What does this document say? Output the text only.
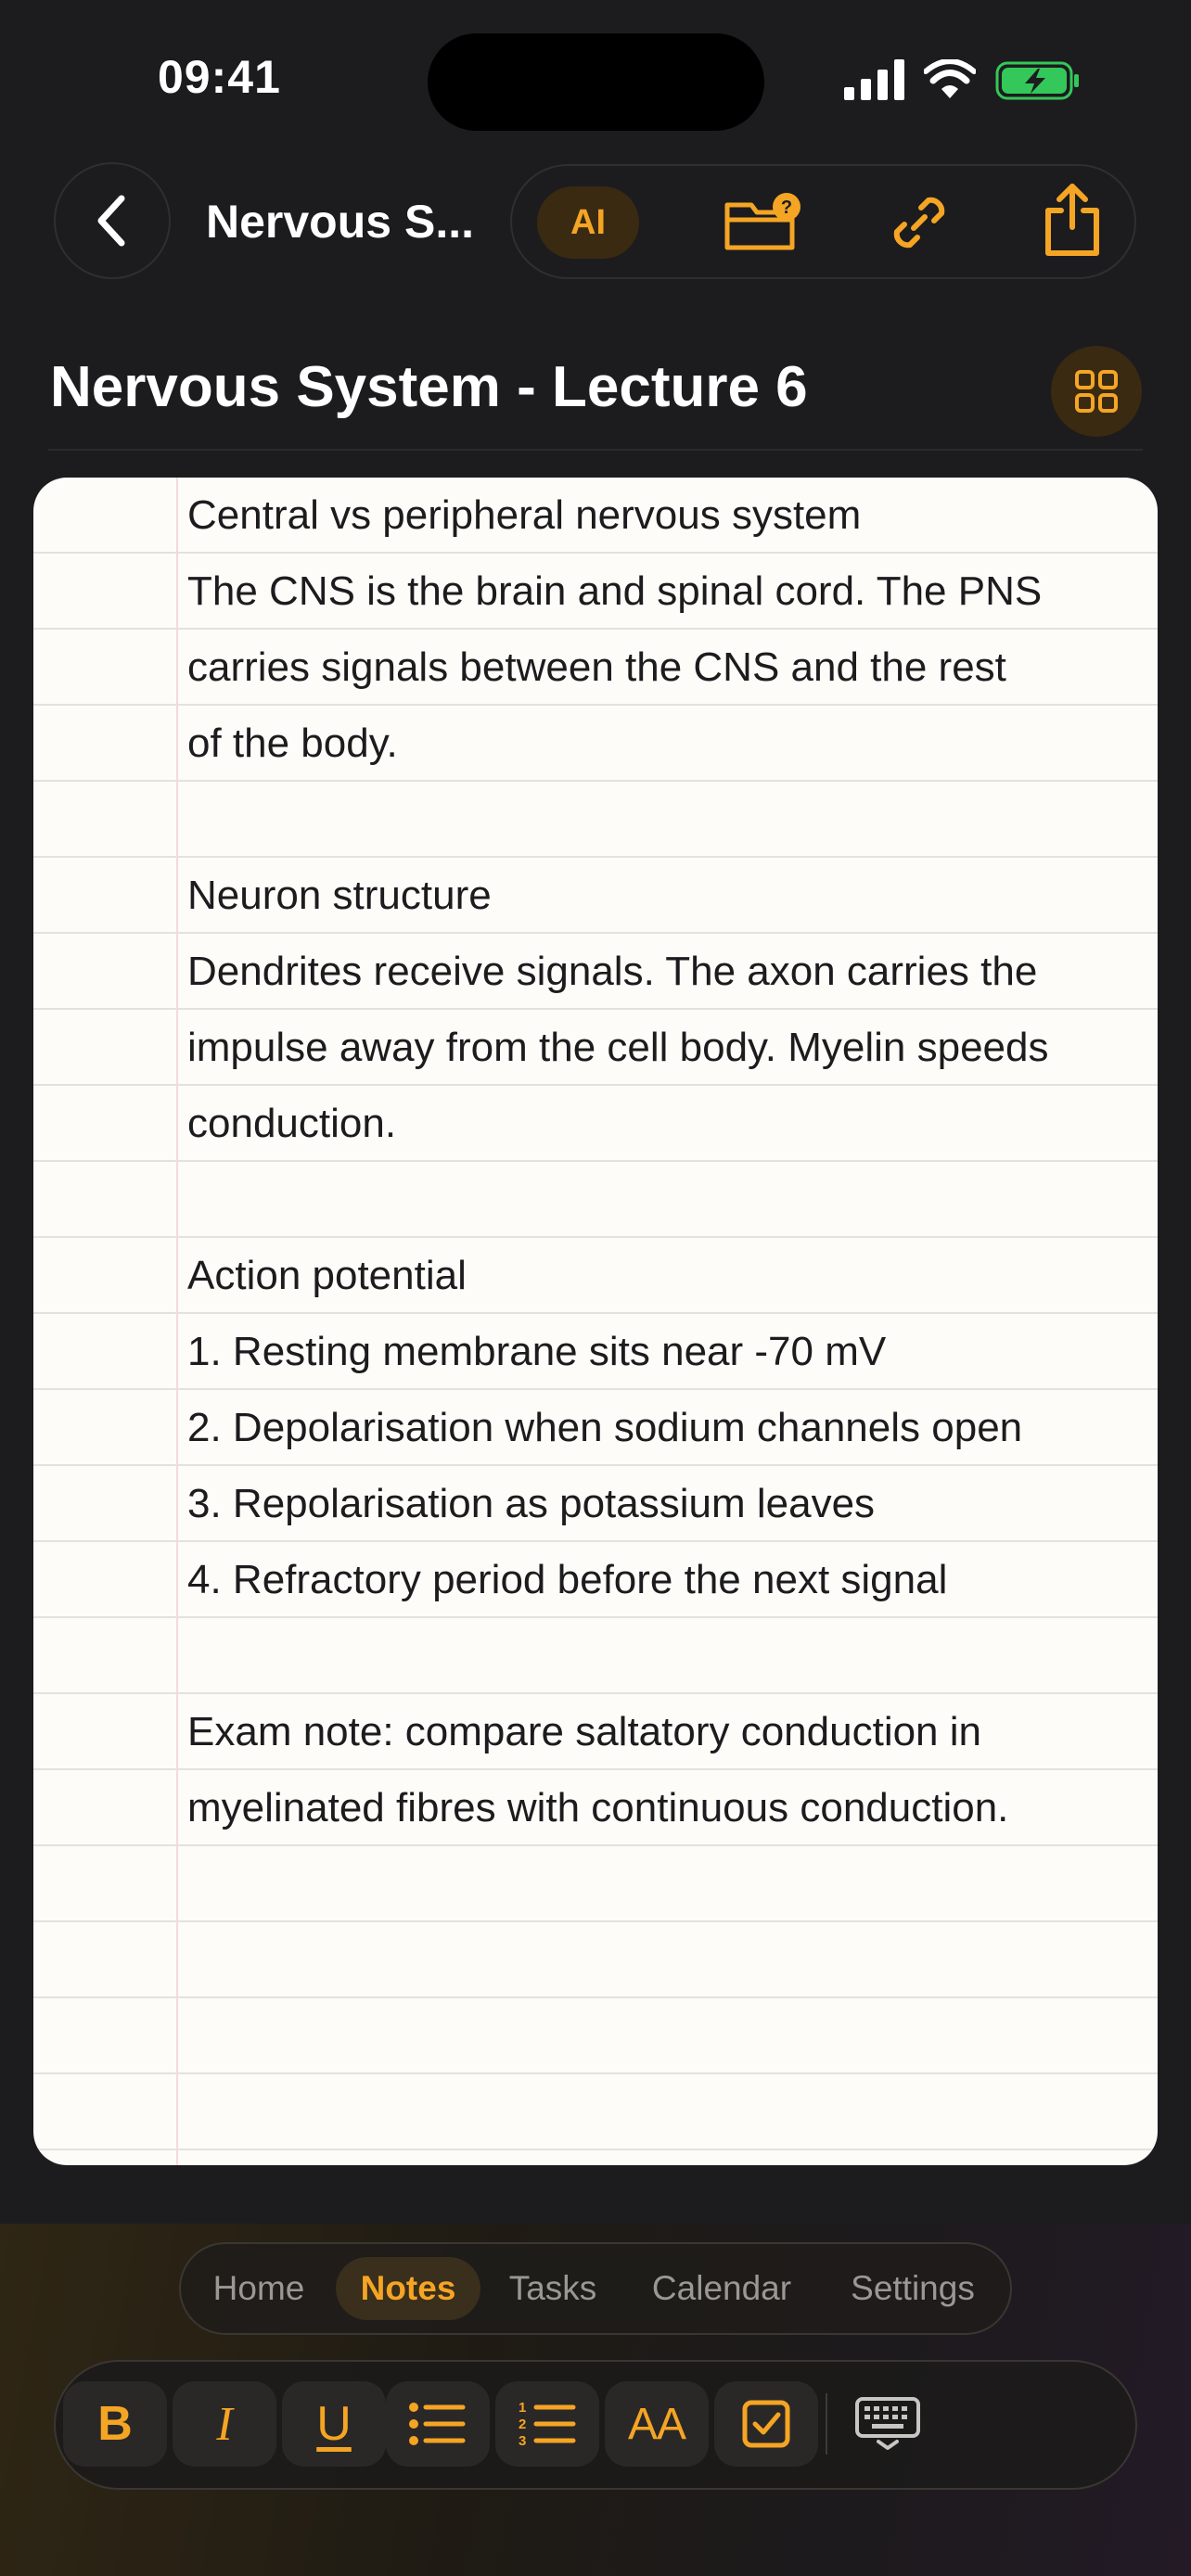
09:41
Nervous S...	AI	?
Nervous System - Lecture 6
Central vs peripheral nervous system
The CNS is the brain and spinal cord. The PNS
carries signals between the CNS and the rest
of the body.
Neuron structure
Dendrites receive signals. The axon carries the
impulse away from the cell body. Myelin speeds
conduction.
Action potential
1. Resting membrane sits near -70 mV
2. Depolarisation when sodium channels open
3. Repolarisation as potassium leaves
4. Refractory period before the next signal
Exam note: compare saltatory conduction in
myelinated fibres with continuous conduction.
Home	Notes	Tasks	Calendar	Settings
B	I	U	1
2
3	AA
